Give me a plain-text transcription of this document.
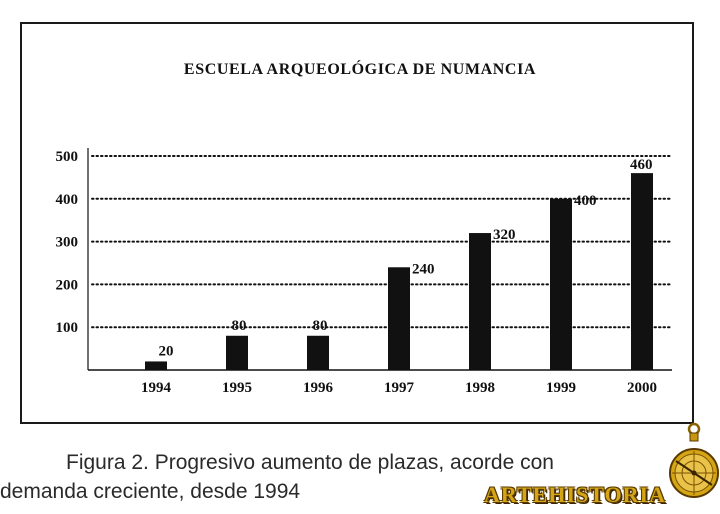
ESCUELA ARQUEOLÓGICA DE NUMANCIA
100
200
300
400
500
1994	1995	1996	1997	1998	1999	2000
20
80	80
240
320
400
460
Figura 2. Progresivo aumento de plazas, acorde con
demanda creciente, desde 1994	ARTEHISTORIA
